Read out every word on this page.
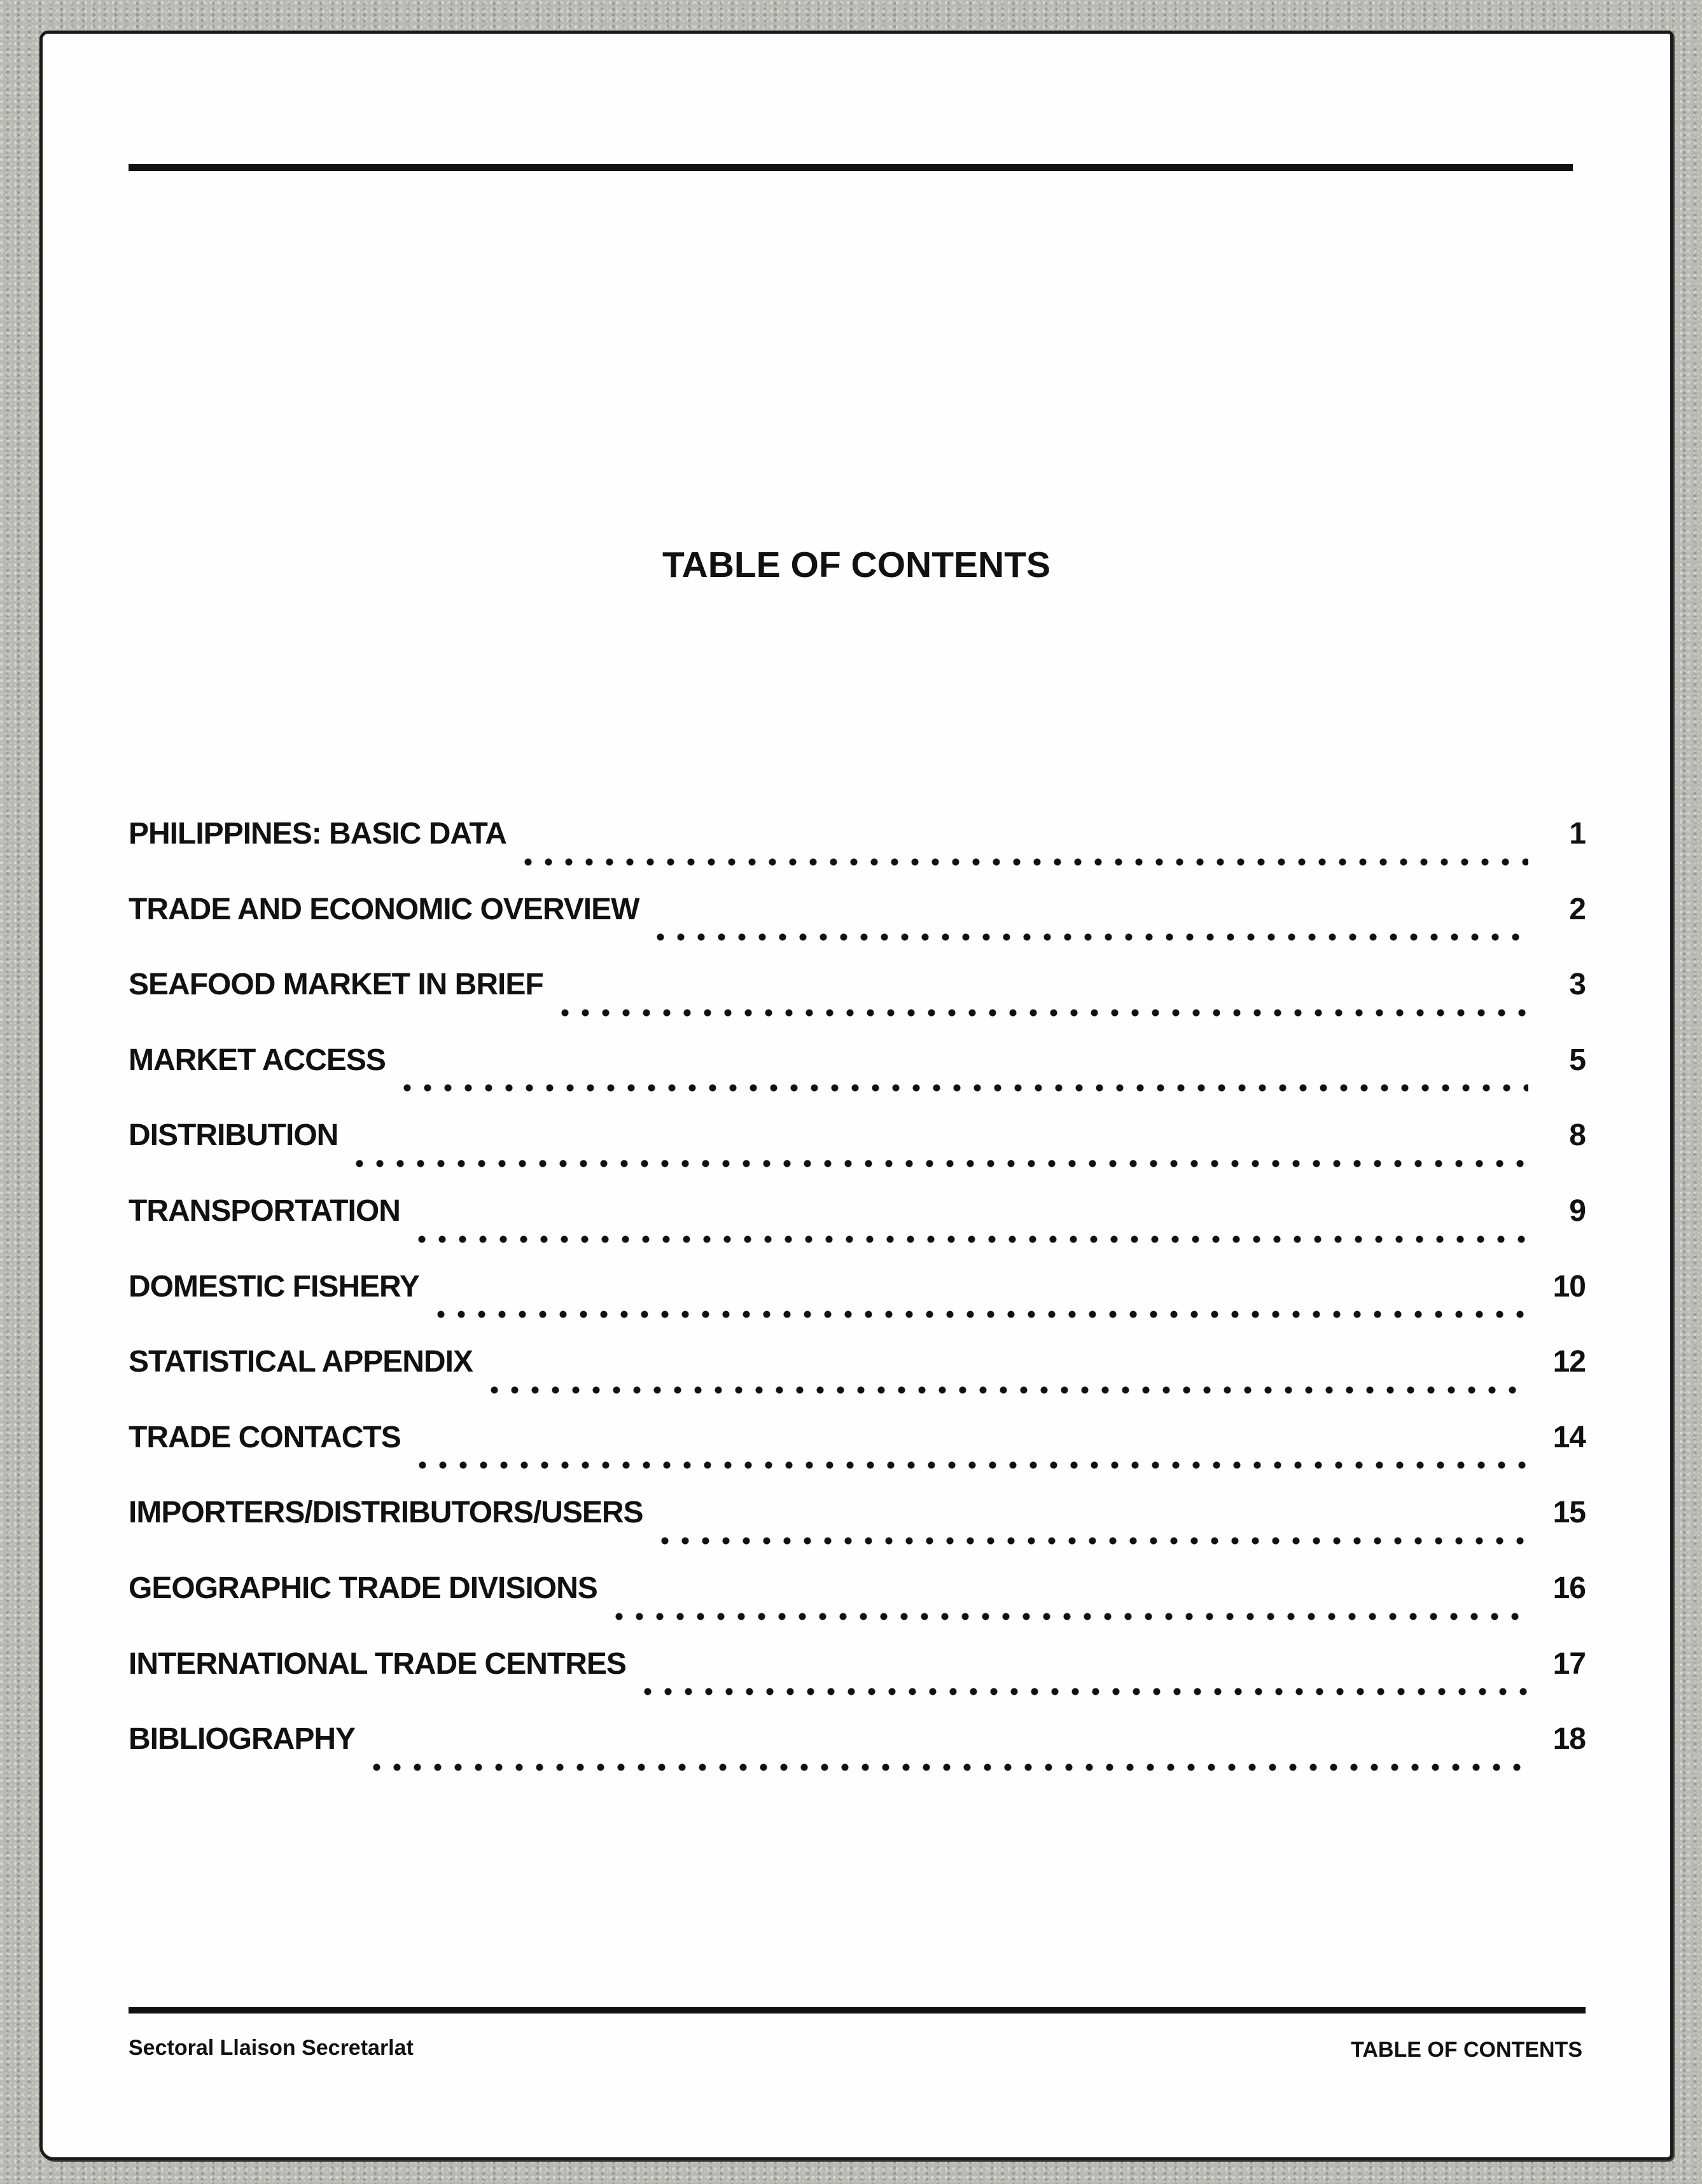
TABLE OF CONTENTS
PHILIPPINES: BASIC DATA	1
TRADE AND ECONOMIC OVERVIEW	2
SEAFOOD MARKET IN BRIEF	3
MARKET ACCESS	5
DISTRIBUTION	8
TRANSPORTATION	9
DOMESTIC FISHERY	10
STATISTICAL APPENDIX	12
TRADE CONTACTS	14
IMPORTERS/DISTRIBUTORS/USERS	15
GEOGRAPHIC TRADE DIVISIONS	16
INTERNATIONAL TRADE CENTRES	17
BIBLIOGRAPHY	18
Sectoral Llaison Secretarlat	TABLE OF CONTENTS
